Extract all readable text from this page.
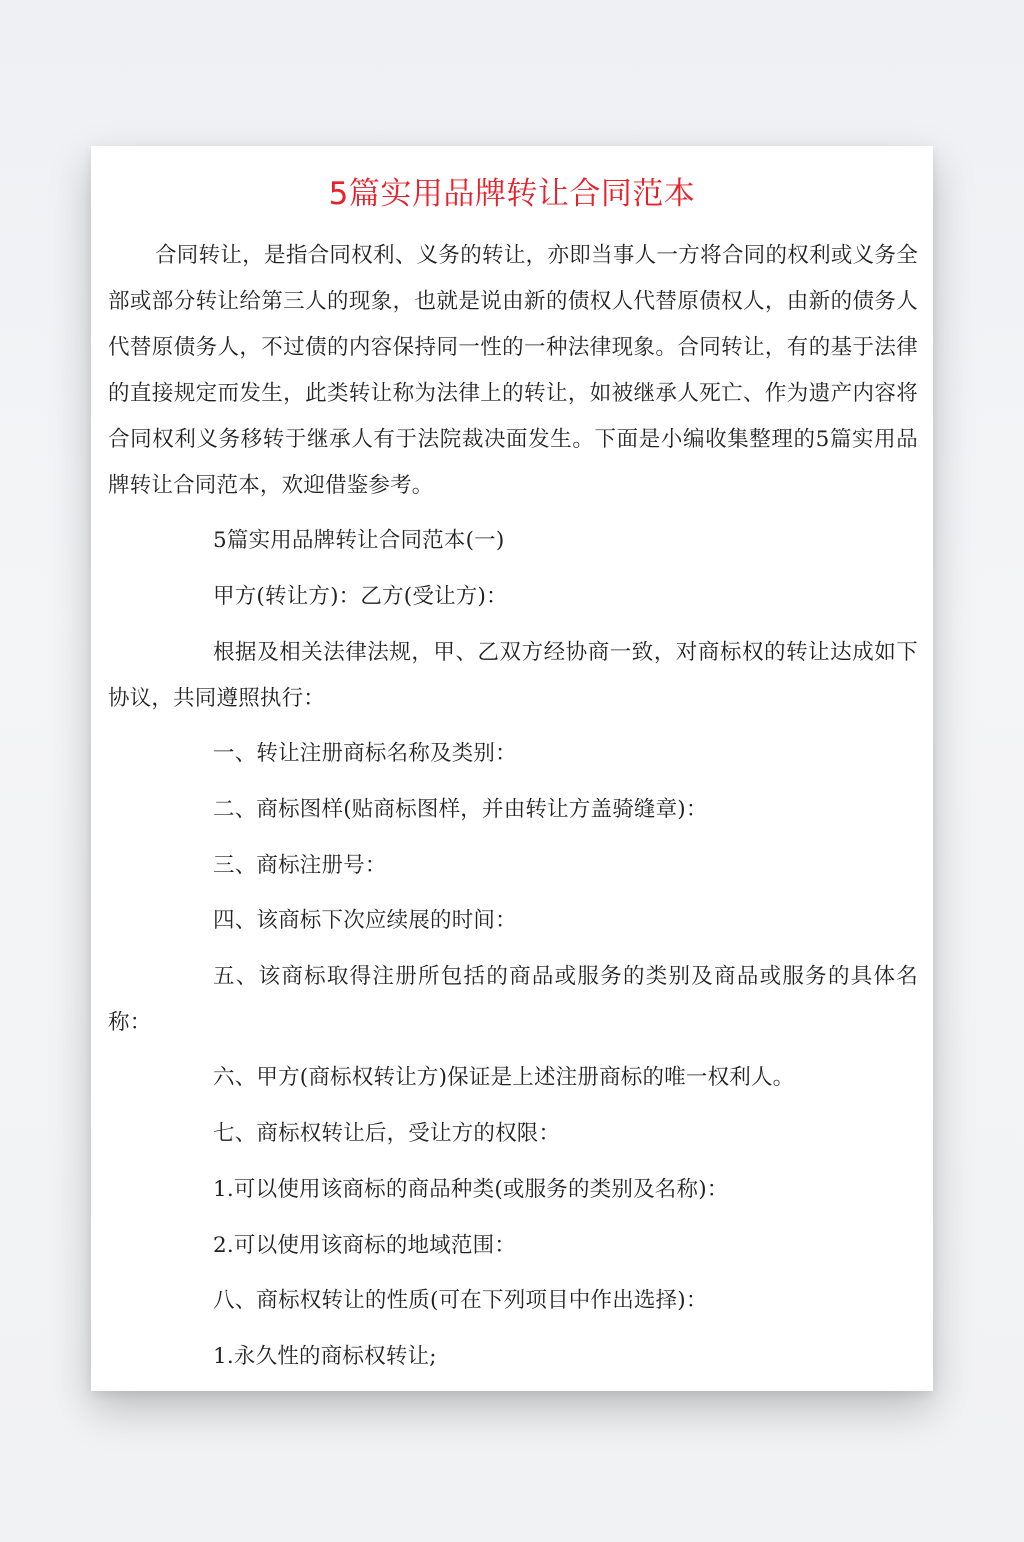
5篇实用品牌转让合同范本

合同转让，是指合同权利、义务的转让，亦即当事人一方将合同的权利或义务全部或部分转让给第三人的现象，也就是说由新的债权人代替原债权人，由新的债务人代替原债务人，不过债的内容保持同一性的一种法律现象。合同转让，有的基于法律的直接规定而发生，此类转让称为法律上的转让，如被继承人死亡、作为遗产内容将合同权利义务移转于继承人有于法院裁决面发生。下面是小编收集整理的5篇实用品牌转让合同范本，欢迎借鉴参考。

5篇实用品牌转让合同范本(一)

甲方(转让方)：乙方(受让方)：

根据及相关法律法规，甲、乙双方经协商一致，对商标权的转让达成如下协议，共同遵照执行：

一、转让注册商标名称及类别：

二、商标图样(贴商标图样，并由转让方盖骑缝章)：

三、商标注册号：

四、该商标下次应续展的时间：

五、该商标取得注册所包括的商品或服务的类别及商品或服务的具体名称：

六、甲方(商标权转让方)保证是上述注册商标的唯一权利人。

七、商标权转让后，受让方的权限：

1.可以使用该商标的商品种类(或服务的类别及名称)：

2.可以使用该商标的地域范围：

八、商标权转让的性质(可在下列项目中作出选择)：

1.永久性的商标权转让;
